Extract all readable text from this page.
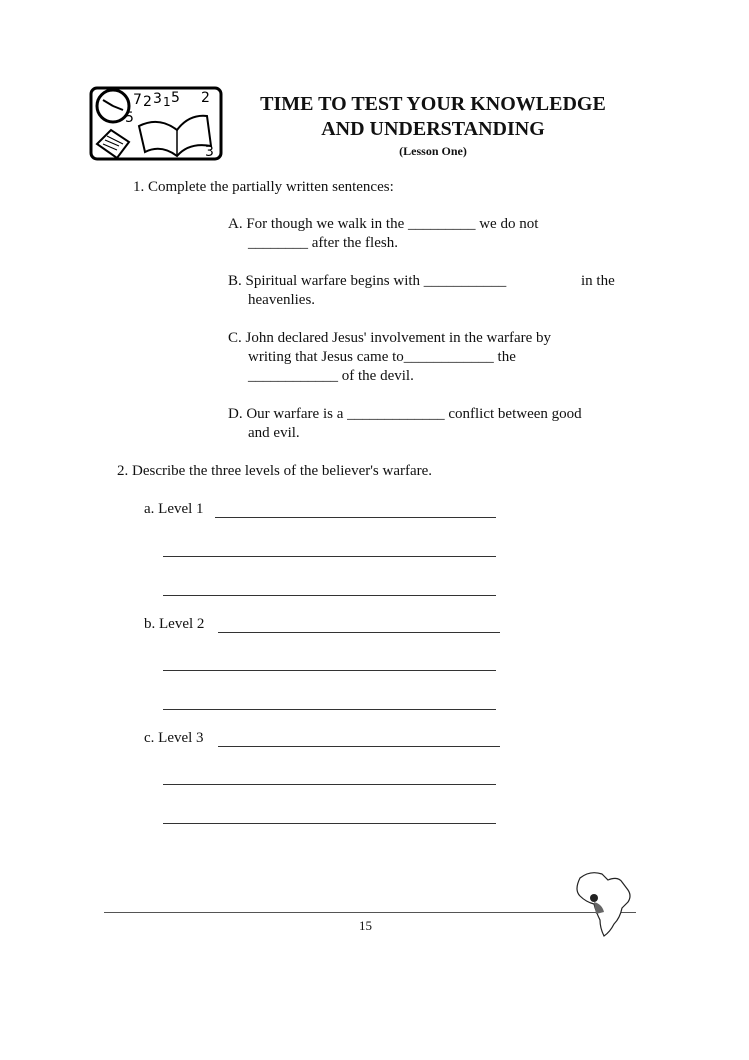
7 2 3 1 5 2
5
3
TIME TO TEST YOUR KNOWLEDGE
AND UNDERSTANDING
(Lesson One)
1. Complete the partially written sentences:
A. For though we walk in the _________ we do not
________ after the flesh.
B. Spiritual warfare begins with ___________	in the
heavenlies.
C. John declared Jesus' involvement in the warfare by
writing that Jesus came to____________ the
____________ of the devil.
D. Our warfare is a _____________ conflict between good
and evil.
2. Describe the three levels of the believer's warfare.
a. Level 1
b. Level 2
c. Level 3
15
